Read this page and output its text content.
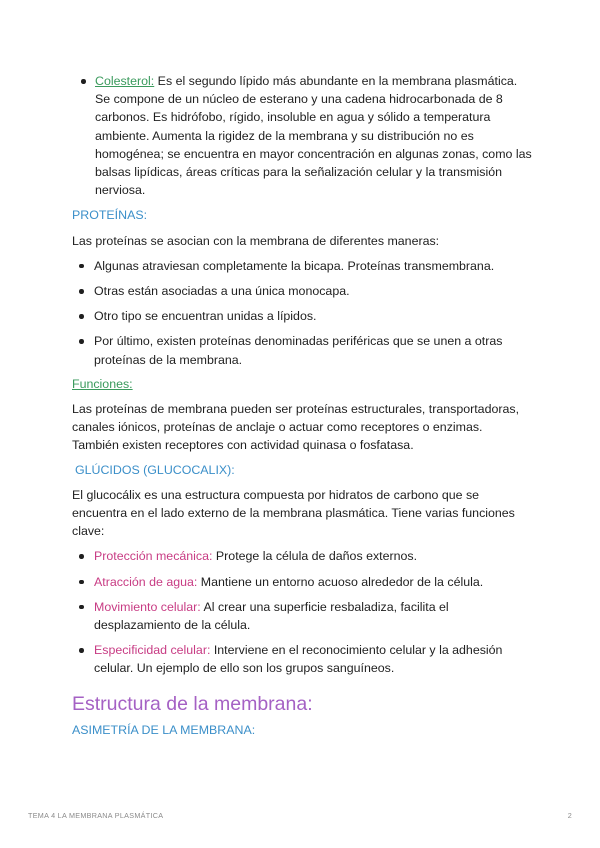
Colesterol: Es el segundo lípido más abundante en la membrana plasmática. Se compone de un núcleo de esterano y una cadena hidrocarbonada de 8 carbonos. Es hidrófobo, rígido, insoluble en agua y sólido a temperatura ambiente. Aumenta la rigidez de la membrana y su distribución no es homogénea; se encuentra en mayor concentración en algunas zonas, como las balsas lipídicas, áreas críticas para la señalización celular y la transmisión nerviosa.
PROTEÍNAS:

Las proteínas se asocian con la membrana de diferentes maneras:

Algunas atraviesan completamente la bicapa. Proteínas transmembrana.
Otras están asociadas a una única monocapa.
Otro tipo se encuentran unidas a lípidos.
Por último, existen proteínas denominadas periféricas que se unen a otras proteínas de la membrana.
Funciones:

Las proteínas de membrana pueden ser proteínas estructurales, transportadoras, canales iónicos, proteínas de anclaje o actuar como receptores o enzimas. También existen receptores con actividad quinasa o fosfatasa.

GLÚCIDOS (GLUCOCALIX):

El glucocálix es una estructura compuesta por hidratos de carbono que se encuentra en el lado externo de la membrana plasmática. Tiene varias funciones clave:

Protección mecánica: Protege la célula de daños externos.
Atracción de agua: Mantiene un entorno acuoso alrededor de la célula.
Movimiento celular: Al crear una superficie resbaladiza, facilita el desplazamiento de la célula.
Especificidad celular: Interviene en el reconocimiento celular y la adhesión celular. Un ejemplo de ello son los grupos sanguíneos.
Estructura de la membrana:
ASIMETRÍA DE LA MEMBRANA:
TEMA 4 LA MEMBRANA PLASMÁTICA	2
